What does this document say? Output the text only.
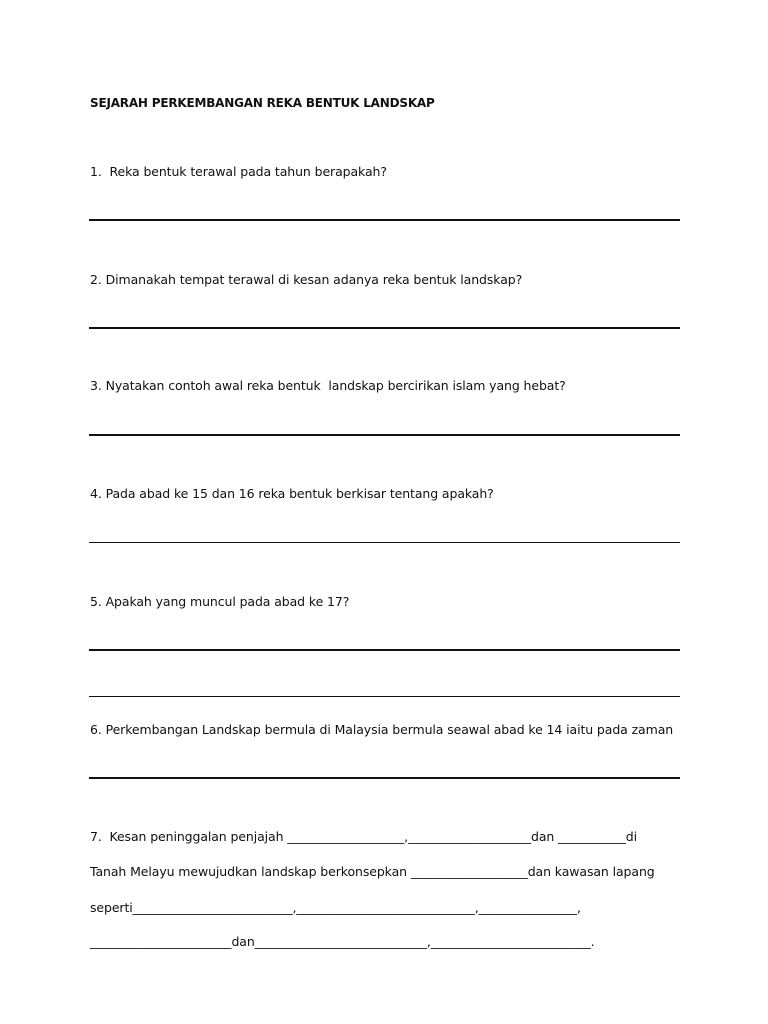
SEJARAH PERKEMBANGAN REKA BENTUK LANDSKAP
1.  Reka bentuk terawal pada tahun berapakah?
2. Dimanakah tempat terawal di kesan adanya reka bentuk landskap?
3. Nyatakan contoh awal reka bentuk  landskap bercirikan islam yang hebat?
4. Pada abad ke 15 dan 16 reka bentuk berkisar tentang apakah?
5. Apakah yang muncul pada abad ke 17?
6. Perkembangan Landskap bermula di Malaysia bermula seawal abad ke 14 iaitu pada zaman
7.  Kesan peninggalan penjajah ___________________,____________________dan ___________di
Tanah Melayu mewujudkan landskap berkonsepkan ___________________dan kawasan lapang
seperti__________________________,_____________________________,________________,
_______________________dan____________________________,__________________________.
